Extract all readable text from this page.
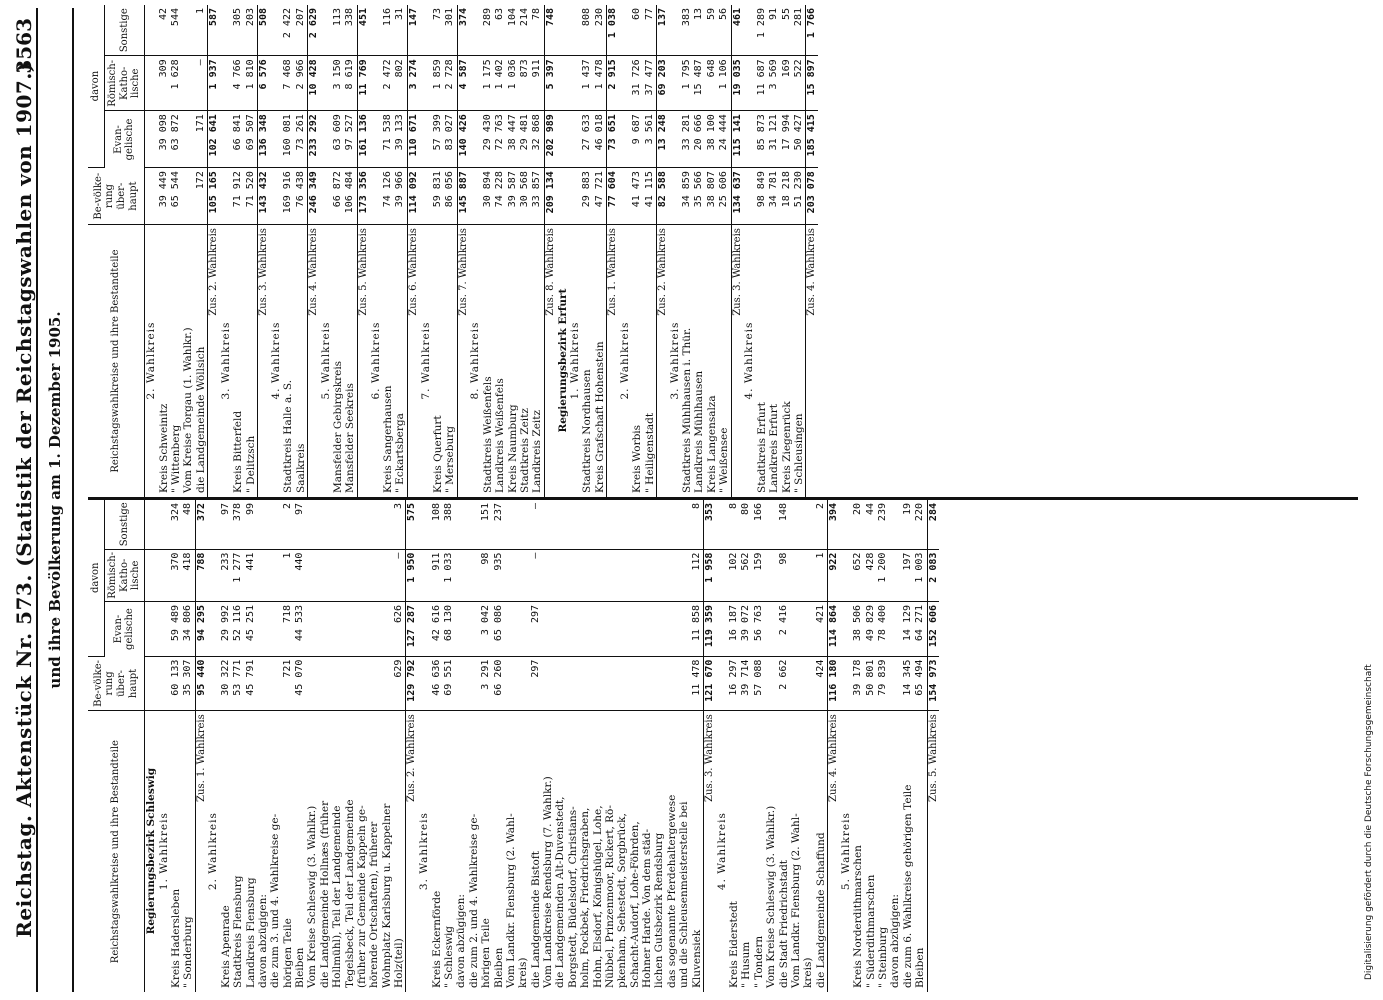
Reichstag. Aktenstück Nr. 573. (Statistik der Reichstagswahlen von 1907.)
3563
und ihre Bevölkerung am 1. Dezember 1905.
Reichstagswahlkreise und ihre Bestandteile	Be-völke-rung über-haupt	davon		
		Evan-gelische	Römisch-Katho-lische	Sonstige
Regierungsbezirk Schleswig				
1. Wahlkreis				
Kreis Hadersleben	60 133	59 489	370	324
" Sonderburg	35 307	34 806	418	48
Zus. 1. Wahlkreis	95 440	94 295	788	372
2. Wahlkreis				
Kreis Apenrade	30 322	29 992	233	97
Stadtkreis Flensburg	53 771	52 116	1 277	378
Landkreis Flensburg	45 791	45 251	441	99
davon abzügigen:				
die zum 3. und 4. Wahlkreise ge-				
hörigen Teile	721	718	1	2
Bleiben	45 070	44 533	440	97
Vom Kreise Schleswig (3. Wahlkr.)				
die Landgemeinde Hollnæs (früher				
Hollmühl), Teil der Landgemeinde				
Tegelsbeck, Teil der Landgemeinde				
(früher zur Gemeinde Kappeln ge-				
hörende Ortschaften), früherer				
Wohnplatz Karlsburg u. Kappelner				
Holz(teil)	629	626	—	3
Zus. 2. Wahlkreis	129 792	127 287	1 950	575
3. Wahlkreis				
Kreis Eckernförde	46 636	42 616	911	108
" Schleswig	69 551	68 130	1 033	388
davon abzügigen:				
die zum 2. und 4. Wahlkreise ge-				
hörigen Teile	3 291	3 042	98	151
Bleiben	66 260	65 086	935	237
Vom Landkr. Flensburg (2. Wahl-				
kreis)				
die Landgemeinde Bistoft	297	297	—	—
Vom Landkreise Rendsburg (7. Wahlkr.)				
die Landgemeinden Alt-Duvenstedt,				
Borgstedt, Büdelsdorf, Christians-				
holm, Fockbek, Friedrichsgraben,				
Hohn, Elsdorf, Königshügel, Lohe,				
Nübbel, Prinzenmoor, Rickert, Rö-				
pkenham, Sehestedt, Sorgbrück,				
Schacht-Audorf, Lohe-Föhrden,				
Hohner Harde. Von dem städ-				
lichen Gutsbezirk Rendsburg				
das sogenannte Pferdehaltergewese				
und die Schleusenmeisterstelle bei				
Kluvensiek	11 478	11 858	112	8
Zus. 3. Wahlkreis	121 670	119 359	1 958	353
4. Wahlkreis				
Kreis Eiderstedt	16 297	16 187	102	8
" Husum	39 714	39 072	562	80
" Tondern	57 088	56 763	159	166
Vom Kreise Schleswig (3. Wahlkr.)				
die Stadt Friedrichstadt	2 662	2 416	98	148
Vom Landkr. Flensburg (2. Wahl-				
kreis)				
die Landgemeinde Schaffund	424	421	1	2
Zus. 4. Wahlkreis	116 180	114 864	922	394
5. Wahlkreis				
Kreis Norderdithmarschen	39 178	38 506	652	20
" Süderdithmarschen	50 801	49 829	428	44
" Steinburg	79 839	78 400	1 200	239
davon abzügigen:				
die zum 6. Wahlkreise gehörigen Teile	14 345	14 129	197	19
Bleiben	65 494	64 271	1 003	220
Zus. 5. Wahlkreis	154 973	152 606	2 083	284
Reichstagswahlkreise und ihre Bestandteile	Be-völke-rung über-haupt	davon		
		Evan-gelische	Römisch-Katho-lische	Sonstige
2. Wahlkreis				
Kreis Schweinitz	39 449	39 098	309	42
" Wittenberg	65 544	63 872	1 628	544
Vom Kreise Torgau (1. Wahlkr.)				
die Landgemeinde Wöllsich	172	171	—	1
Zus. 2. Wahlkreis	105 165	102 641	1 937	587
3. Wahlkreis				
Kreis Bitterfeld	71 912	66 841	4 766	305
" Delitzsch	71 520	69 507	1 810	203
Zus. 3. Wahlkreis	143 432	136 348	6 576	508
4. Wahlkreis				
Stadtkreis Halle a. S.	169 916	160 081	7 468	2 422
Saalkreis	76 438	73 261	2 966	207
Zus. 4. Wahlkreis	246 349	233 292	10 428	2 629
5. Wahlkreis				
Mansfelder Gebirgskreis	66 872	63 609	3 150	113
Mansfelder Seekreis	106 484	97 527	8 619	338
Zus. 5. Wahlkreis	173 356	161 136	11 769	451
6. Wahlkreis				
Kreis Sangerhausen	74 126	71 538	2 472	116
" Eckartsberga	39 966	39 133	802	31
Zus. 6. Wahlkreis	114 092	110 671	3 274	147
7. Wahlkreis				
Kreis Querfurt	59 831	57 399	1 859	73
" Merseburg	86 056	83 027	2 728	301
Zus. 7. Wahlkreis	145 887	140 426	4 587	374
8. Wahlkreis				
Stadtkreis Weißenfels	30 894	29 430	1 175	289
Landkreis Weißenfels	74 228	72 763	1 402	63
Kreis Naumburg	39 587	38 447	1 036	104
Stadtkreis Zeitz	30 568	29 481	873	214
Landkreis Zeitz	33 857	32 868	911	78
Zus. 8. Wahlkreis	209 134	202 989	5 397	748
Regierungsbezirk Erfurt				
1. Wahlkreis				
Stadtkreis Nordhausen	29 883	27 633	1 437	808
Kreis Grafschaft Hohenstein	47 721	46 018	1 478	230
Zus. 1. Wahlkreis	77 604	73 651	2 915	1 038
2. Wahlkreis				
Kreis Worbis	41 473	9 687	31 726	60
" Heiligenstadt	41 115	3 561	37 477	77
Zus. 2. Wahlkreis	82 588	13 248	69 203	137
3. Wahlkreis				
Stadtkreis Mühlhausen i. Thür.	34 859	33 281	1 795	383
Landkreis Mühlhausen	35 566	20 666	15 487	13
Kreis Langensalza	38 807	38 100	648	59
" Weißensee	25 606	24 444	1 106	56
Zus. 3. Wahlkreis	134 637	115 141	19 035	461
4. Wahlkreis				
Stadtkreis Erfurt	98 849	85 873	11 687	1 289
Landkreis Erfurt	34 781	31 121	3 569	91
Kreis Ziegenrück	18 218	17 994	169	55
" Schleusingen	51 230	50 427	522	281
Zus. 4. Wahlkreis	203 078	185 415	15 897	1 766
Digitalisierung gefördert durch die Deutsche Forschungsgemeinschaft
